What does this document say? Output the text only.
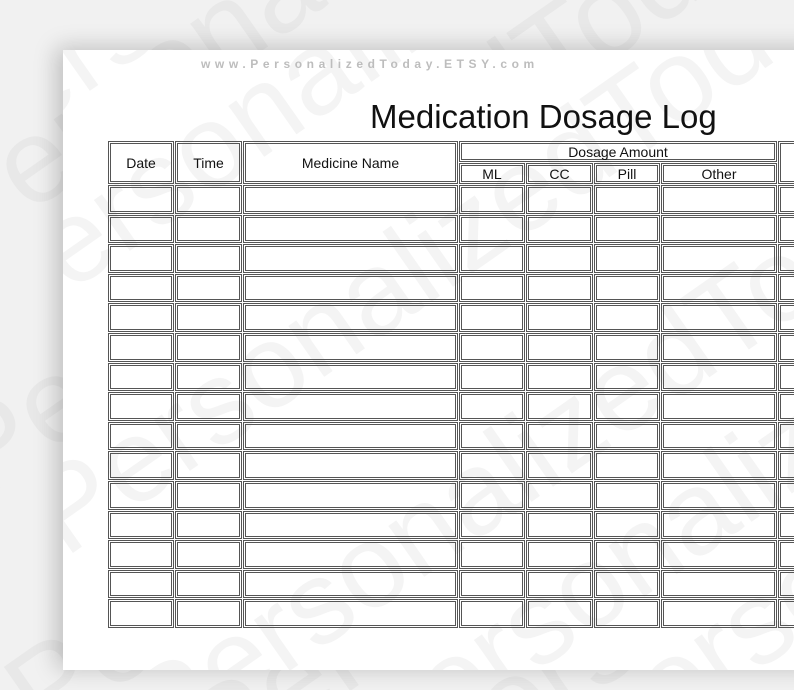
www.PersonalizedToday.ETSY.com
Medication Dosage Log
Date	Time	Medicine Name
Dosage Amount
ML	CC	Pill	Other
